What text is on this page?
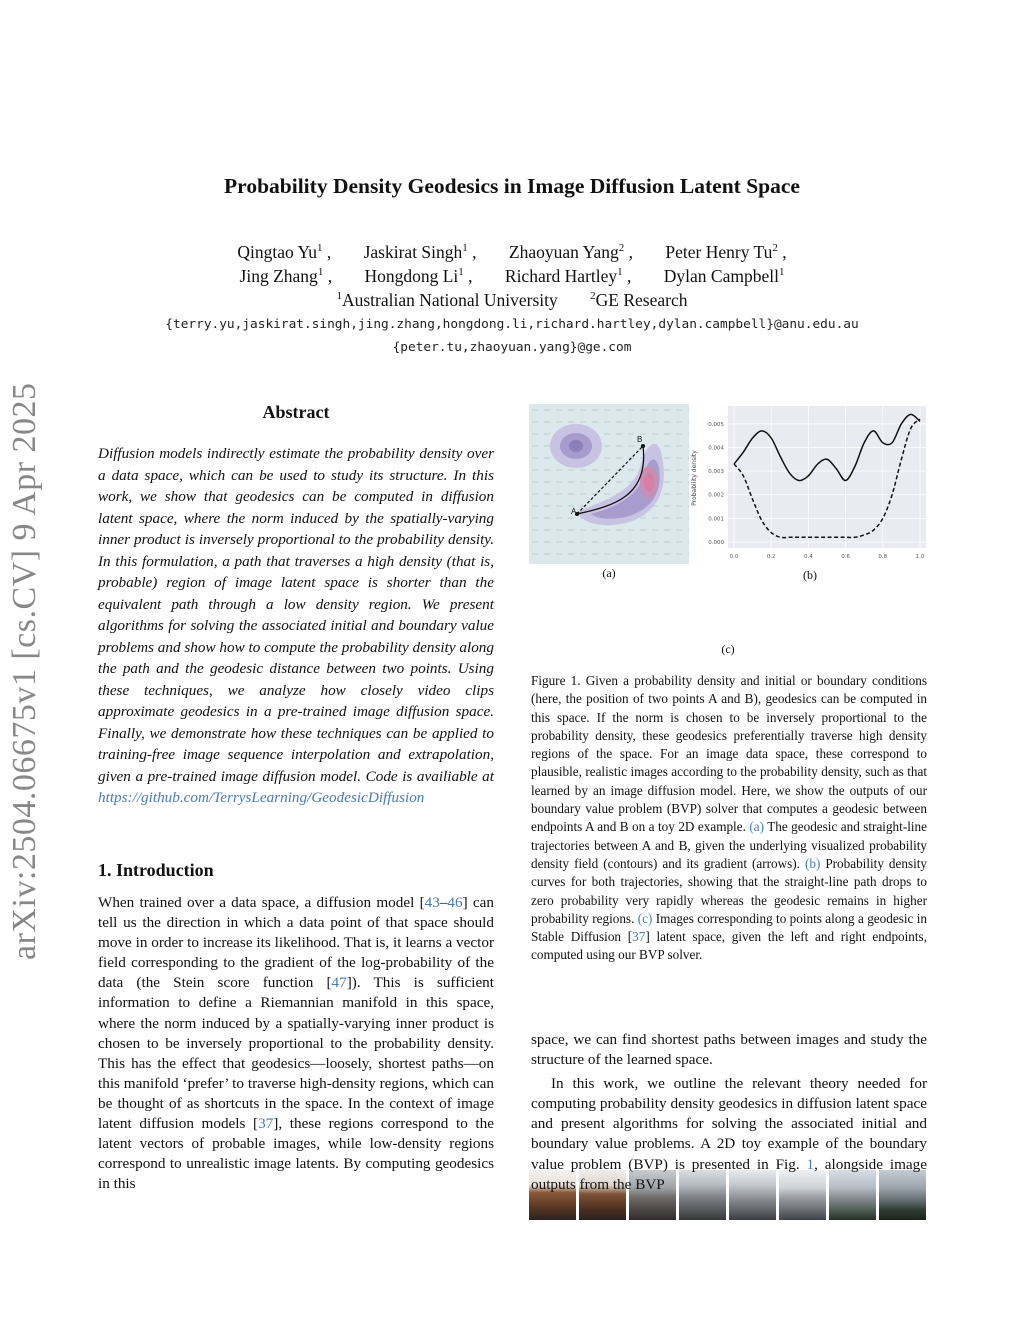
arXiv:2504.06675v1 [cs.CV] 9 Apr 2025
Probability Density Geodesics in Image Diffusion Latent Space
Qingtao Yu$^1$ , Jaskirat Singh$^1$ , Zhaoyuan Yang$^2$ , Peter Henry Tu$^2$ ,
Jing Zhang$^1$ , Hongdong Li$^1$ , Richard Hartley$^1$ , Dylan Campbell$^1$
$^1$Australian National University	$^2$GE Research
{terry.yu,jaskirat.singh,jing.zhang,hongdong.li,richard.hartley,dylan.campbell}@anu.edu.au
{peter.tu,zhaoyuan.yang}@ge.com
Abstract
Diffusion models indirectly estimate the probability density over a data space, which can be used to study its structure. In this work, we show that geodesics can be computed in diffusion latent space, where the norm induced by the spatially-varying inner product is inversely proportional to the probability density. In this formulation, a path that traverses a high density (that is, probable) region of image latent space is shorter than the equivalent path through a low density region. We present algorithms for solving the associated initial and boundary value problems and show how to compute the probability density along the path and the geodesic distance between two points. Using these techniques, we analyze how closely video clips approximate geodesics in a pre-trained image diffusion space. Finally, we demonstrate how these techniques can be applied to training-free image sequence interpolation and extrapolation, given a pre-trained image diffusion model. Code is availiable at https://github.com/TerrysLearning/GeodesicDiffusion
1. Introduction
When trained over a data space, a diffusion model [43–46] can tell us the direction in which a data point of that space should move in order to increase its likelihood. That is, it learns a vector field corresponding to the gradient of the log-probability of the data (the Stein score function [47]). This is sufficient information to define a Riemannian manifold in this space, where the norm induced by a spatially-varying inner product is chosen to be inversely proportional to the probability density. This has the effect that geodesics—loosely, shortest paths—on this manifold ‘prefer’ to traverse high-density regions, which can be thought of as shortcuts in the space. In the context of image latent diffusion models [37], these regions correspond to the latent vectors of probable images, while low-density regions correspond to unrealistic image latents. By computing geodesics in this
A
B
(a)
0.005
0.004
0.003
0.002
0.001
0.000
0.0	0.2	0.4	0.6	0.8	1.0
Probability density
(b)
(c)
Figure 1. Given a probability density and initial or boundary conditions (here, the position of two points A and B), geodesics can be computed in this space. If the norm is chosen to be inversely proportional to the probability density, these geodesics preferentially traverse high density regions of the space. For an image data space, these correspond to plausible, realistic images according to the probability density, such as that learned by an image diffusion model. Here, we show the outputs of our boundary value problem (BVP) solver that computes a geodesic between endpoints A and B on a toy 2D example. (a) The geodesic and straight-line trajectories between A and B, given the underlying visualized probability density field (contours) and its gradient (arrows). (b) Probability density curves for both trajectories, showing that the straight-line path drops to zero probability very rapidly whereas the geodesic remains in higher probability regions. (c) Images corresponding to points along a geodesic in Stable Diffusion [37] latent space, given the left and right endpoints, computed using our BVP solver.

space, we can find shortest paths between images and study the structure of the learned space.

In this work, we outline the relevant theory needed for computing probability density geodesics in diffusion latent space and present algorithms for solving the associated initial and boundary value problems. A 2D toy example of the boundary value problem (BVP) is presented in Fig. 1, alongside image outputs from the BVP
